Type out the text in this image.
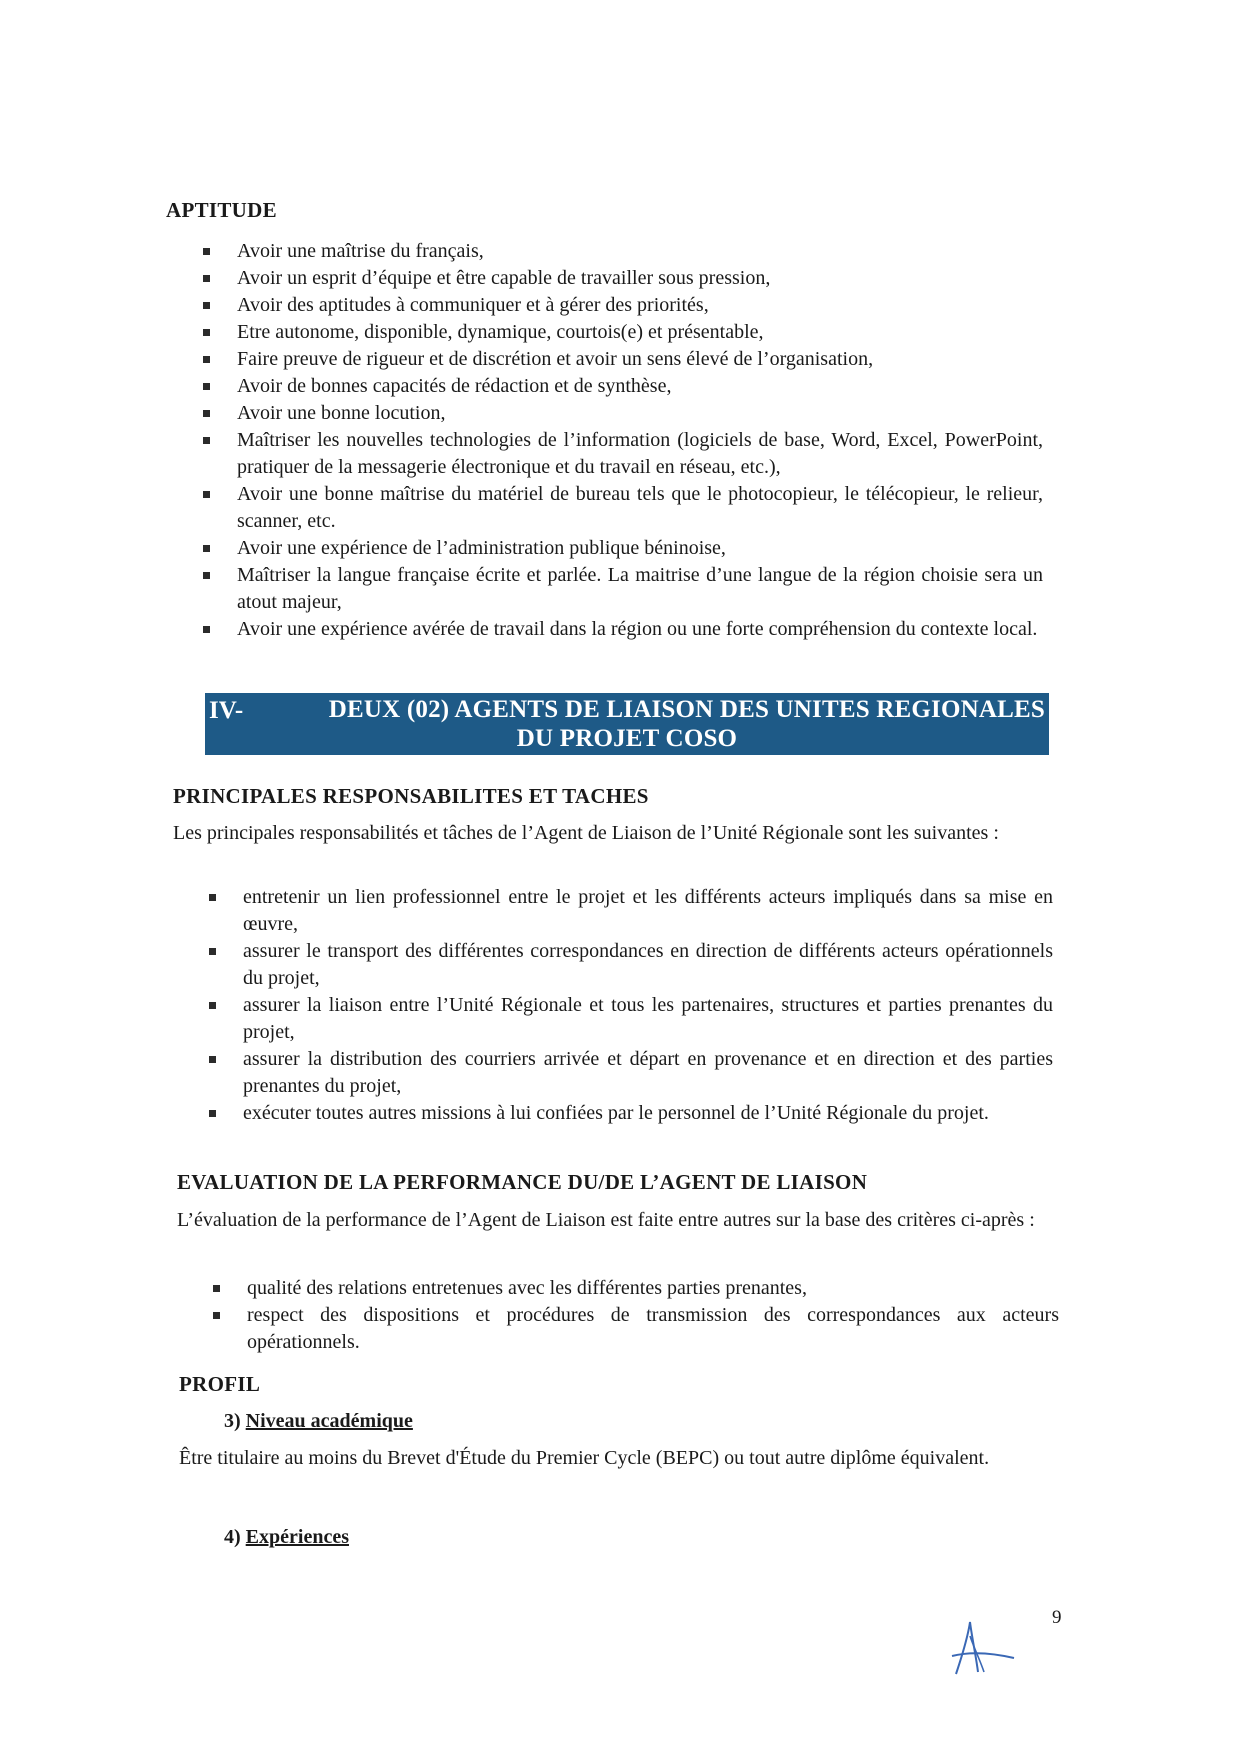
APTITUDE
Avoir une maîtrise du français,
Avoir un esprit d’équipe et être capable de travailler sous pression,
Avoir des aptitudes à communiquer et à gérer des priorités,
Etre autonome, disponible, dynamique, courtois(e) et présentable,
Faire preuve de rigueur et de discrétion et avoir un sens élevé de l’organisation,
Avoir de bonnes capacités de rédaction et de synthèse,
Avoir une bonne locution,
Maîtriser les nouvelles technologies de l’information (logiciels de base, Word, Excel, PowerPoint, pratiquer de la messagerie électronique et du travail en réseau, etc.),
Avoir une bonne maîtrise du matériel de bureau tels que le photocopieur, le télécopieur, le relieur, scanner, etc.
Avoir une expérience de l’administration publique béninoise,
Maîtriser la langue française écrite et parlée. La maitrise d’une langue de la région choisie sera un atout majeur,
Avoir une expérience avérée de travail dans la région ou une forte compréhension du contexte local.
IV-	DEUX (02) AGENTS DE LIAISON DES UNITES REGIONALES
DU PROJET COSO
PRINCIPALES RESPONSABILITES ET TACHES

Les principales responsabilités et tâches de l’Agent de Liaison de l’Unité Régionale sont les suivantes :

entretenir un lien professionnel entre le projet et les différents acteurs impliqués dans sa mise en œuvre,
assurer le transport des différentes correspondances en direction de différents acteurs opérationnels du projet,
assurer la liaison entre l’Unité Régionale et tous les partenaires, structures et parties prenantes du projet,
assurer la distribution des courriers arrivée et départ en provenance et en direction et des parties prenantes du projet,
exécuter toutes autres missions à lui confiées par le personnel de l’Unité Régionale du projet.
EVALUATION DE LA PERFORMANCE DU/DE L’AGENT DE LIAISON

L’évaluation de la performance de l’Agent de Liaison est faite entre autres sur la base des critères ci-après :

qualité des relations entretenues avec les différentes parties prenantes,
respect des dispositions et procédures de transmission des correspondances aux acteurs opérationnels.
PROFIL

3) Niveau académique

Être titulaire au moins du Brevet d'Étude du Premier Cycle (BEPC) ou tout autre diplôme équivalent.

4) Expériences

9
